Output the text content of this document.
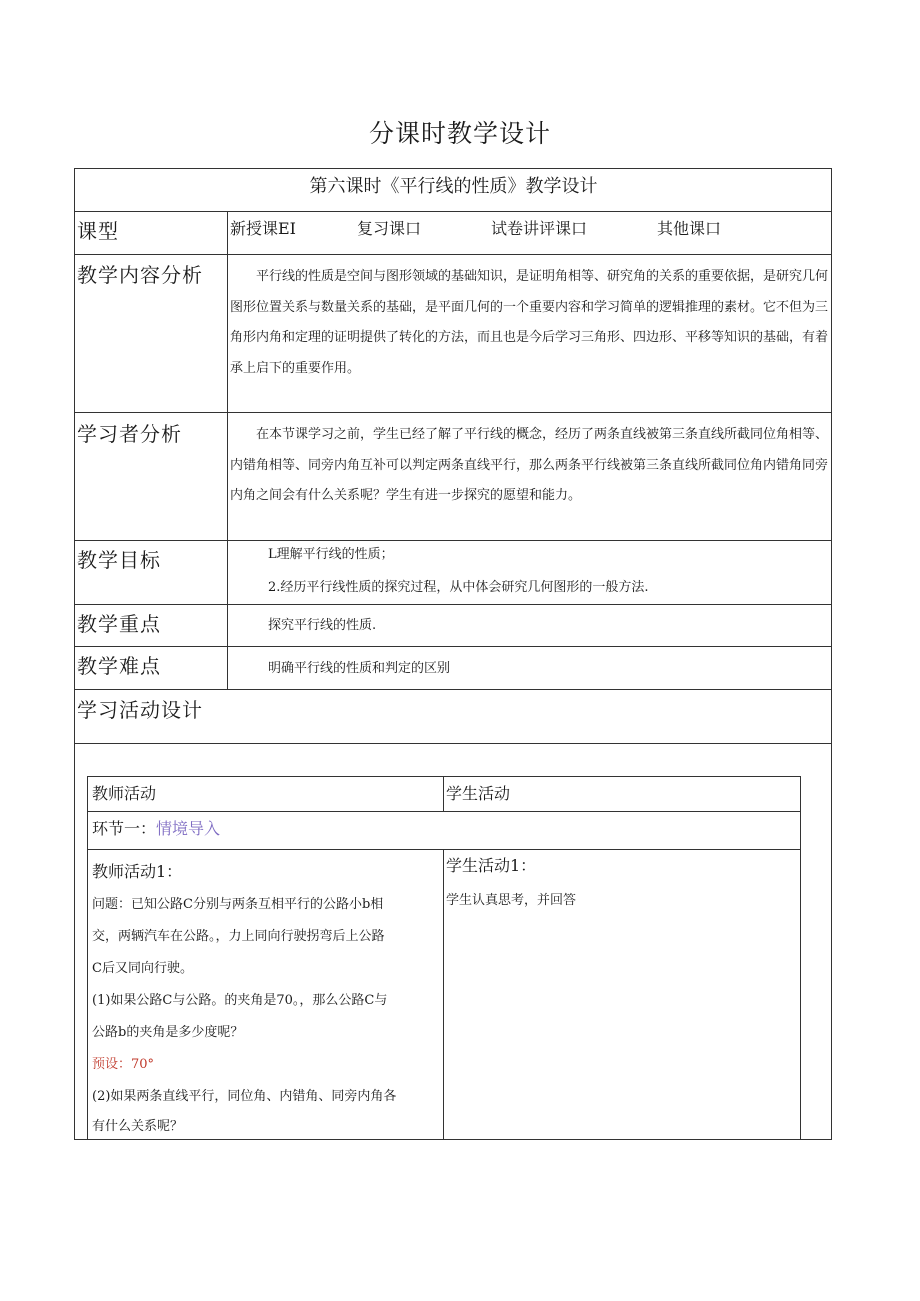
分课时教学设计
第六课时《平行线的性质》教学设计
课型	新授课EI	复习课口	试卷讲评课口	其他课口
教学内容分析	平行线的性质是空间与图形领域的基础知识，是证明角相等、研究角的关系的重要依据，是研究几何图形位置关系与数量关系的基础，是平面几何的一个重要内容和学习简单的逻辑推理的素材。它不但为三角形内角和定理的证明提供了转化的方法，而且也是今后学习三角形、四边形、平移等知识的基础，有着承上启下的重要作用。
学习者分析	在本节课学习之前，学生已经了解了平行线的概念，经历了两条直线被第三条直线所截同位角相等、内错角相等、同旁内角互补可以判定两条直线平行，那么两条平行线被第三条直线所截同位角内错角同旁内角之间会有什么关系呢？学生有进一步探究的愿望和能力。
教学目标	L理解平行线的性质；
2.经历平行线性质的探究过程，从中体会研究几何图形的一般方法.
教学重点	探究平行线的性质.
教学难点	明确平行线的性质和判定的区别
学习活动设计
教师活动	学生活动
环节一：情境导入
教师活动1：
问题：已知公路C分别与两条互相平行的公路小b相
交，两辆汽车在公路。，力上同向行驶拐弯后上公路
C后又同向行驶。
(1)如果公路C与公路。的夹角是70。，那么公路C与
公路b的夹角是多少度呢？
预设：70°
(2)如果两条直线平行，同位角、内错角、同旁内角各
有什么关系呢？
学生活动1：
学生认真思考，并回答
